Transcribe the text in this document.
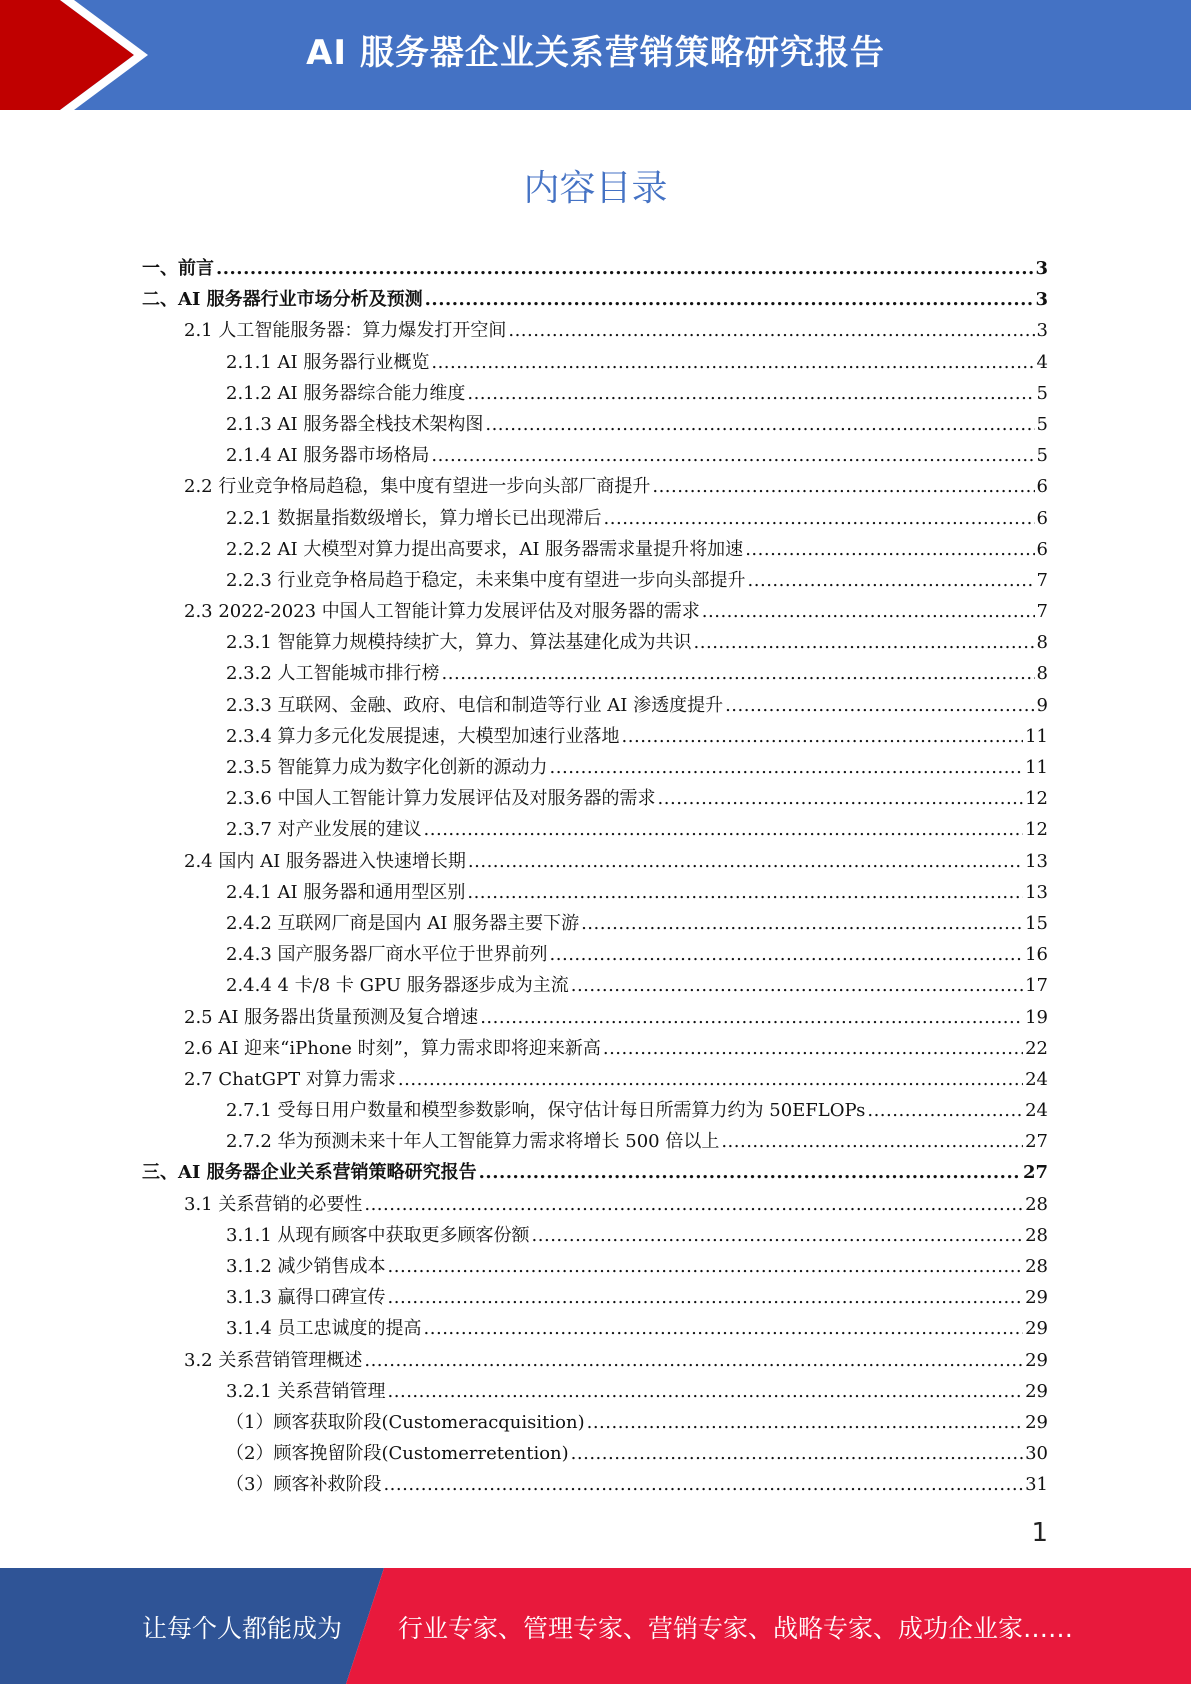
AI 服务器企业关系营销策略研究报告
内容目录
一、前言 .....	3
二、AI 服务器行业市场分析及预测 .....	3
2.1 人工智能服务器：算力爆发打开空间 .....	3
2.1.1 AI 服务器行业概览 .....	4
2.1.2 AI 服务器综合能力维度 .....	5
2.1.3 AI 服务器全栈技术架构图 .....	5
2.1.4 AI 服务器市场格局 .....	5
2.2 行业竞争格局趋稳，集中度有望进一步向头部厂商提升 .....	6
2.2.1 数据量指数级增长，算力增长已出现滞后 .....	6
2.2.2 AI 大模型对算力提出高要求，AI 服务器需求量提升将加速 .....	6
2.2.3 行业竞争格局趋于稳定，未来集中度有望进一步向头部提升 .....	7
2.3 2022-2023 中国人工智能计算力发展评估及对服务器的需求 .....	7
2.3.1 智能算力规模持续扩大，算力、算法基建化成为共识 .....	8
2.3.2 人工智能城市排行榜 .....	8
2.3.3 互联网、金融、政府、电信和制造等行业 AI 渗透度提升 .....	9
2.3.4 算力多元化发展提速，大模型加速行业落地 .....	11
2.3.5 智能算力成为数字化创新的源动力 .....	11
2.3.6 中国人工智能计算力发展评估及对服务器的需求 .....	12
2.3.7 对产业发展的建议 .....	12
2.4 国内 AI 服务器进入快速增长期 .....	13
2.4.1 AI 服务器和通用型区别 .....	13
2.4.2 互联网厂商是国内 AI 服务器主要下游 .....	15
2.4.3 国产服务器厂商水平位于世界前列 .....	16
2.4.4 4 卡/8 卡 GPU 服务器逐步成为主流 .....	17
2.5 AI 服务器出货量预测及复合增速 .....	19
2.6 AI 迎来“iPhone 时刻”，算力需求即将迎来新高 .....	22
2.7 ChatGPT 对算力需求 .....	24
2.7.1 受每日用户数量和模型参数影响，保守估计每日所需算力约为 50EFLOPs .....	24
2.7.2 华为预测未来十年人工智能算力需求将增长 500 倍以上 .....	27
三、AI 服务器企业关系营销策略研究报告 .....	27
3.1 关系营销的必要性 .....	28
3.1.1 从现有顾客中获取更多顾客份额 .....	28
3.1.2 减少销售成本 .....	28
3.1.3 赢得口碑宣传 .....	29
3.1.4 员工忠诚度的提高 .....	29
3.2 关系营销管理概述 .....	29
3.2.1 关系营销管理 .....	29
（1）顾客获取阶段(Customeracquisition) .....	29
（2）顾客挽留阶段(Customerretention) .....	30
（3）顾客补救阶段 .....	31
1
让每个人都能成为 行业专家、管理专家、营销专家、战略专家、成功企业家……
